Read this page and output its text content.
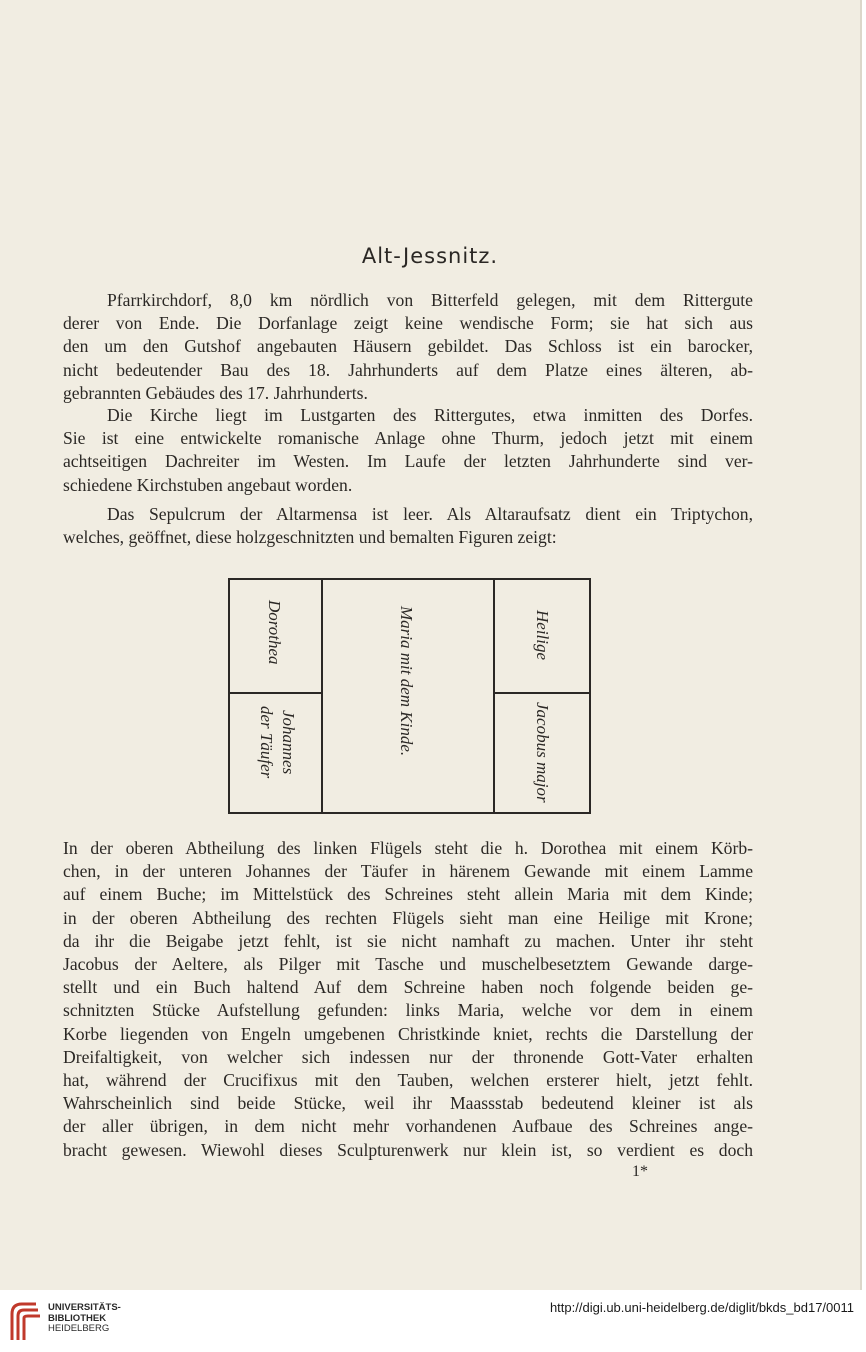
Alt-Jessnitz.
Pfarrkirchdorf, 8,0 km nördlich von Bitterfeld gelegen, mit dem Rittergute
derer von Ende. Die Dorfanlage zeigt keine wendische Form; sie hat sich aus
den um den Gutshof angebauten Häusern gebildet. Das Schloss ist ein barocker,
nicht bedeutender Bau des 18. Jahrhunderts auf dem Platze eines älteren, ab-
gebrannten Gebäudes des 17. Jahrhunderts.
Die Kirche liegt im Lustgarten des Rittergutes, etwa inmitten des Dorfes.
Sie ist eine entwickelte romanische Anlage ohne Thurm, jedoch jetzt mit einem
achtseitigen Dachreiter im Westen. Im Laufe der letzten Jahrhunderte sind ver-
schiedene Kirchstuben angebaut worden.
Das Sepulcrum der Altarmensa ist leer. Als Altaraufsatz dient ein Triptychon,
welches, geöffnet, diese holzgeschnitzten und bemalten Figuren zeigt:
Dorothea
Johannes
der Täufer	Maria mit dem Kinde.	Heilige
Jacobus major
In der oberen Abtheilung des linken Flügels steht die h. Dorothea mit einem Körb-
chen, in der unteren Johannes der Täufer in härenem Gewande mit einem Lamme
auf einem Buche; im Mittelstück des Schreines steht allein Maria mit dem Kinde;
in der oberen Abtheilung des rechten Flügels sieht man eine Heilige mit Krone;
da ihr die Beigabe jetzt fehlt, ist sie nicht namhaft zu machen. Unter ihr steht
Jacobus der Aeltere, als Pilger mit Tasche und muschelbesetztem Gewande darge-
stellt und ein Buch haltend Auf dem Schreine haben noch folgende beiden ge-
schnitzten Stücke Aufstellung gefunden: links Maria, welche vor dem in einem
Korbe liegenden von Engeln umgebenen Christkinde kniet, rechts die Darstellung der
Dreifaltigkeit, von welcher sich indessen nur der thronende Gott-Vater erhalten
hat, während der Crucifixus mit den Tauben, welchen ersterer hielt, jetzt fehlt.
Wahrscheinlich sind beide Stücke, weil ihr Maassstab bedeutend kleiner ist als
der aller übrigen, in dem nicht mehr vorhandenen Aufbaue des Schreines ange-
bracht gewesen. Wiewohl dieses Sculpturenwerk nur klein ist, so verdient es doch
1*
UNIVERSITÄTS-
BIBLIOTHEK
HEIDELBERG
http://digi.ub.uni-heidelberg.de/diglit/bkds_bd17/0011
